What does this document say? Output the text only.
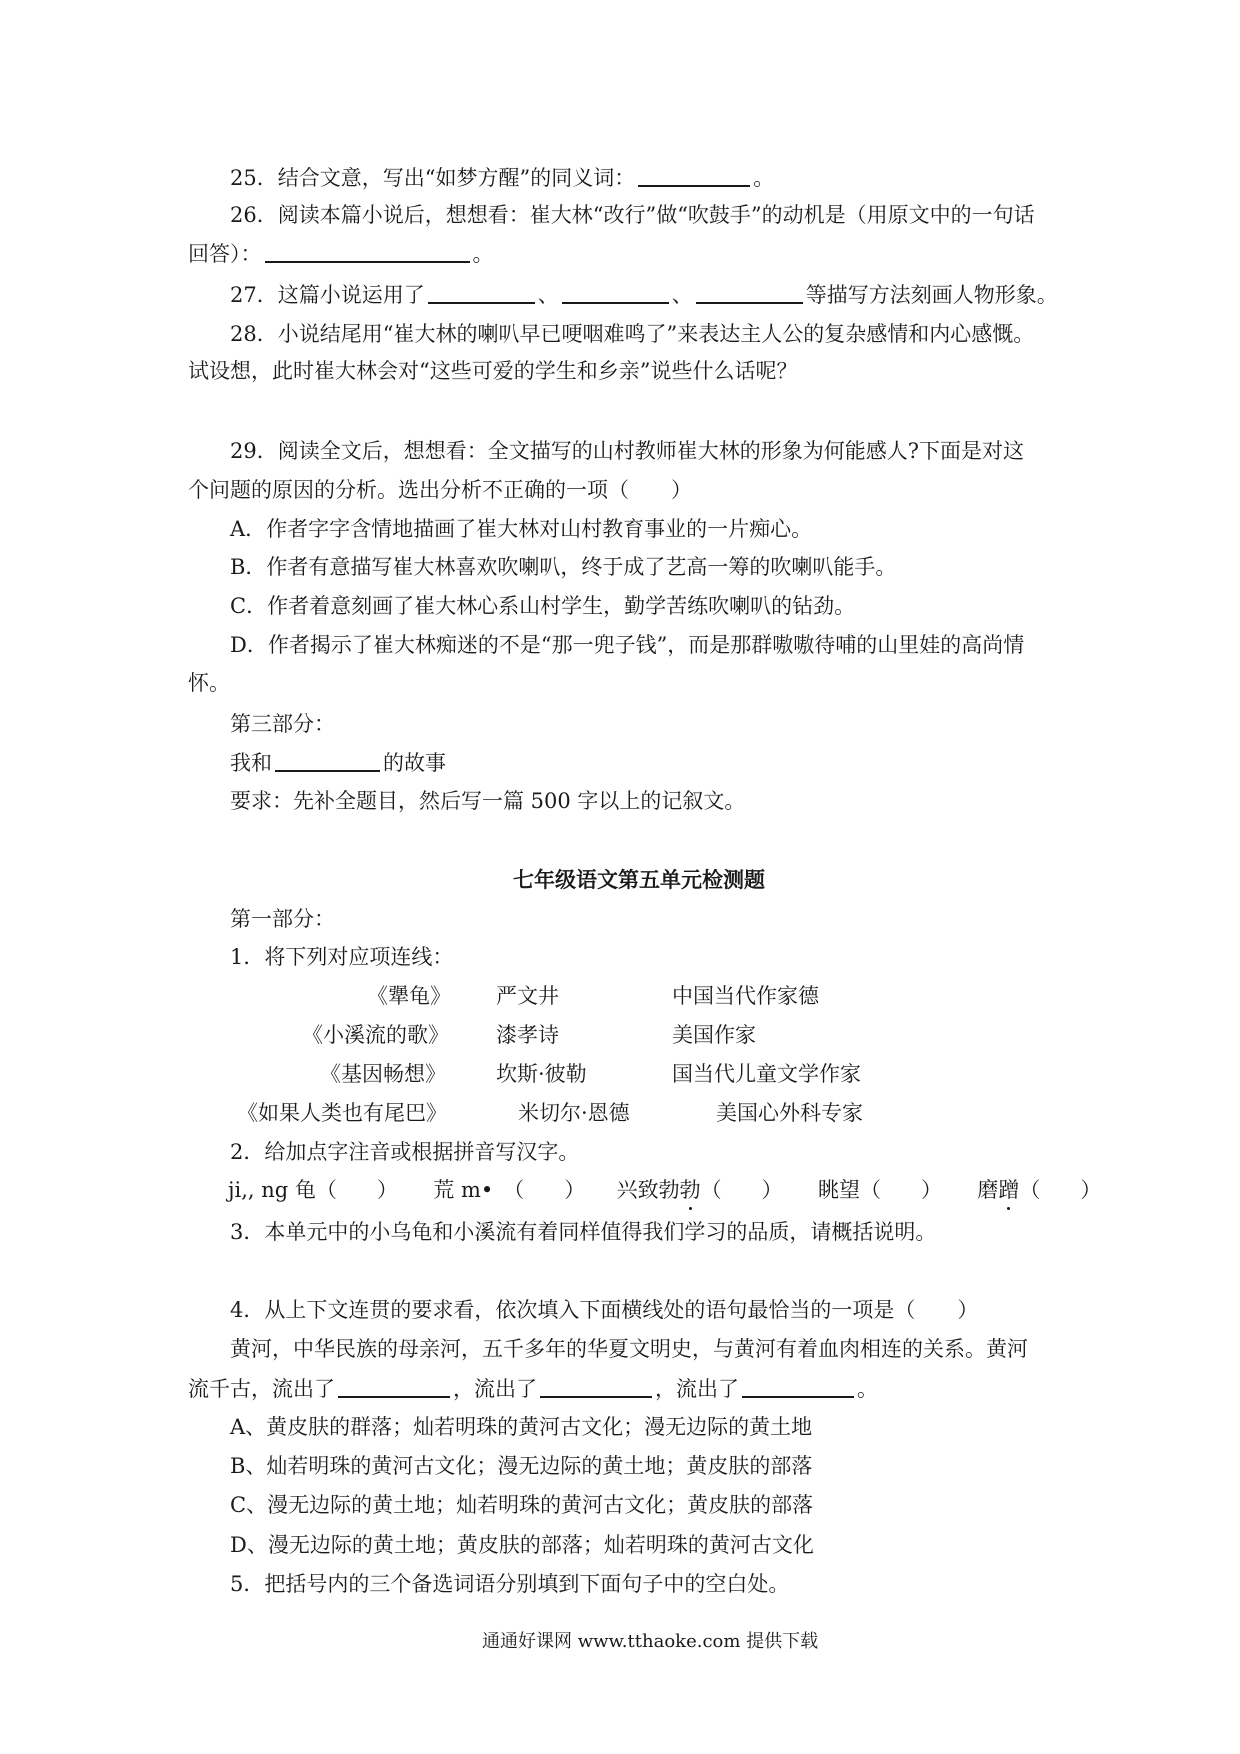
25．结合文意，写出“如梦方醒”的同义词：	。
26．阅读本篇小说后，想想看：崔大林“改行”做“吹鼓手”的动机是（用原文中的一句话
回答）：	。
27．这篇小说运用了	、	、	等描写方法刻画人物形象。
28．小说结尾用“崔大林的喇叭早已哽咽难鸣了”来表达主人公的复杂感情和内心感慨。
试设想，此时崔大林会对“这些可爱的学生和乡亲”说些什么话呢？
29．阅读全文后，想想看：全文描写的山村教师崔大林的形象为何能感人?下面是对这
个问题的原因的分析。选出分析不正确的一项（　　）
A．作者字字含情地描画了崔大林对山村教育事业的一片痴心。
B．作者有意描写崔大林喜欢吹喇叭，终于成了艺高一筹的吹喇叭能手。
C．作者着意刻画了崔大林心系山村学生，勤学苦练吹喇叭的钻劲。
D．作者揭示了崔大林痴迷的不是“那一兜子钱”，而是那群嗷嗷待哺的山里娃的高尚情
怀。
第三部分：
我和	的故事
要求：先补全题目，然后写一篇 500 字以上的记叙文。
七年级语文第五单元检测题
第一部分：
1．将下列对应项连线：
《犟龟》 严文井	中国当代作家德
《小溪流的歌》 漆孝诗	美国作家
《基因畅想》 坎斯·彼勒	国当代儿童文学作家
《如果人类也有尾巴》	米切尔·恩德	美国心外科专家
2．给加点字注音或根据拼音写汉字。
ji,, ng 龟（ ） 荒 m• （ ） 兴致勃勃（ ） 眺望（ ） 磨蹭（ ）
3．本单元中的小乌龟和小溪流有着同样值得我们学习的品质，请概括说明。
4．从上下文连贯的要求看，依次填入下面横线处的语句最恰当的一项是（　　）
黄河，中华民族的母亲河，五千多年的华夏文明史，与黄河有着血肉相连的关系。黄河
流千古，流出了	，流出了	，流出了	。
A、黄皮肤的群落；灿若明珠的黄河古文化；漫无边际的黄土地
B、灿若明珠的黄河古文化；漫无边际的黄土地；黄皮肤的部落
C、漫无边际的黄土地；灿若明珠的黄河古文化；黄皮肤的部落
D、漫无边际的黄土地；黄皮肤的部落；灿若明珠的黄河古文化
5．把括号内的三个备选词语分别填到下面句子中的空白处。
通通好课网 www.tthaoke.com 提供下载
